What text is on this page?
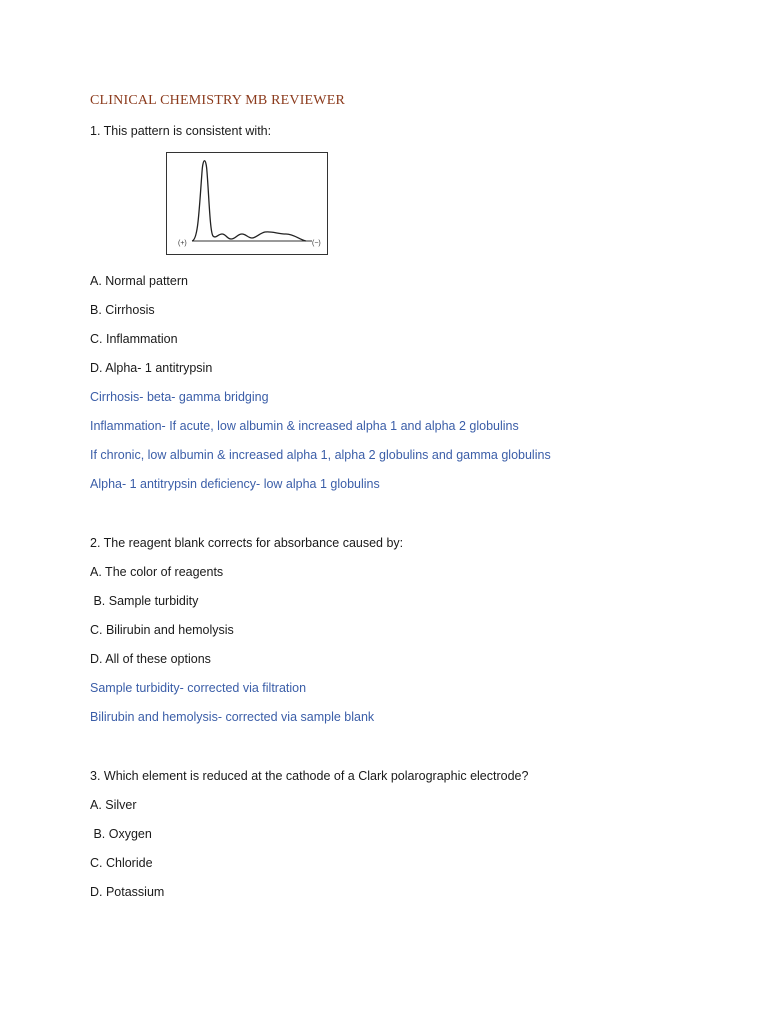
CLINICAL CHEMISTRY MB REVIEWER
1. This pattern is consistent with:
(+)	(−)
A. Normal pattern
B. Cirrhosis
C. Inflammation
D. Alpha- 1 antitrypsin
Cirrhosis- beta- gamma bridging
Inflammation- If acute, low albumin & increased alpha 1 and alpha 2 globulins
If chronic, low albumin & increased alpha 1, alpha 2 globulins and gamma globulins
Alpha- 1 antitrypsin deficiency- low alpha 1 globulins
2. The reagent blank corrects for absorbance caused by:
A. The color of reagents
B. Sample turbidity
C. Bilirubin and hemolysis
D. All of these options
Sample turbidity- corrected via filtration
Bilirubin and hemolysis- corrected via sample blank
3. Which element is reduced at the cathode of a Clark polarographic electrode?
A. Silver
B. Oxygen
C. Chloride
D. Potassium
